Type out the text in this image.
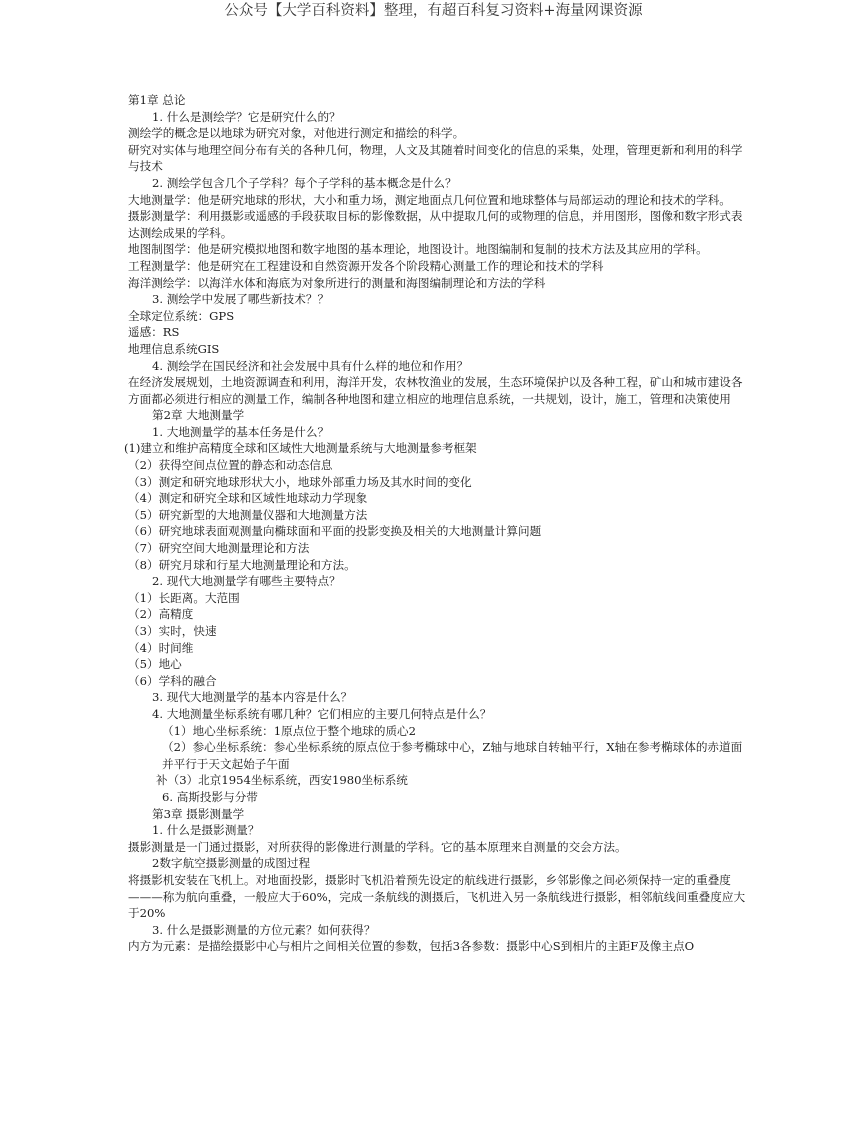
公众号【大学百科资料】整理，有超百科复习资料+海量网课资源

第1章 总论

1. 什么是测绘学？它是研究什么的？

测绘学的概念是以地球为研究对象，对他进行测定和描绘的科学。

研究对实体与地理空间分布有关的各种几何，物理，人文及其随着时间变化的信息的采集，处理，管理更新和利用的科学与技术

2. 测绘学包含几个子学科？每个子学科的基本概念是什么？

大地测量学：他是研究地球的形状，大小和重力场，测定地面点几何位置和地球整体与局部运动的理论和技术的学科。

摄影测量学：利用摄影或遥感的手段获取目标的影像数据，从中提取几何的或物理的信息，并用图形，图像和数字形式表达测绘成果的学科。

地图制图学：他是研究模拟地图和数字地图的基本理论，地图设计。地图编制和复制的技术方法及其应用的学科。

工程测量学：他是研究在工程建设和自然资源开发各个阶段精心测量工作的理论和技术的学科

海洋测绘学：以海洋水体和海底为对象所进行的测量和海图编制理论和方法的学科

3. 测绘学中发展了哪些新技术？？

全球定位系统：GPS

遥感：RS

地理信息系统GIS

4. 测绘学在国民经济和社会发展中具有什么样的地位和作用？

在经济发展规划，土地资源调查和利用，海洋开发，农林牧渔业的发展，生态环境保护以及各种工程，矿山和城市建设各方面都必须进行相应的测量工作，编制各种地图和建立相应的地理信息系统，一共规划，设计，施工，管理和决策使用

第2章 大地测量学

1. 大地测量学的基本任务是什么？

(1)建立和维护高精度全球和区域性大地测量系统与大地测量参考框架

（2）获得空间点位置的静态和动态信息

（3）测定和研究地球形状大小，地球外部重力场及其水时间的变化

（4）测定和研究全球和区域性地球动力学现象

（5）研究新型的大地测量仪器和大地测量方法

（6）研究地球表面观测量向椭球面和平面的投影变换及相关的大地测量计算问题

（7）研究空间大地测量理论和方法

（8）研究月球和行星大地测量理论和方法。

2. 现代大地测量学有哪些主要特点？

（1）长距离。大范围

（2）高精度

（3）实时，快速

（4）时间维

（5）地心

（6）学科的融合

3. 现代大地测量学的基本内容是什么？

4. 大地测量坐标系统有哪几种？它们相应的主要几何特点是什么？

（1）地心坐标系统：1原点位于整个地球的质心2

（2）参心坐标系统：参心坐标系统的原点位于参考椭球中心，Z轴与地球自转轴平行，X轴在参考椭球体的赤道面并平行于天文起始子午面

补（3）北京1954坐标系统，西安1980坐标系统

6. 高斯投影与分带

第3章 摄影测量学

1. 什么是摄影测量？

摄影测量是一门通过摄影，对所获得的影像进行测量的学科。它的基本原理来自测量的交会方法。

2数字航空摄影测量的成图过程

将摄影机安装在飞机上。对地面投影，摄影时飞机沿着预先设定的航线进行摄影，乡邻影像之间必须保持一定的重叠度———称为航向重叠，一般应大于60%，完成一条航线的测摄后，飞机进入另一条航线进行摄影，相邻航线间重叠度应大于20%

3. 什么是摄影测量的方位元素？如何获得？

内方为元素：是描绘摄影中心与相片之间相关位置的参数，包括3各参数：摄影中心S到相片的主距F及像主点O
